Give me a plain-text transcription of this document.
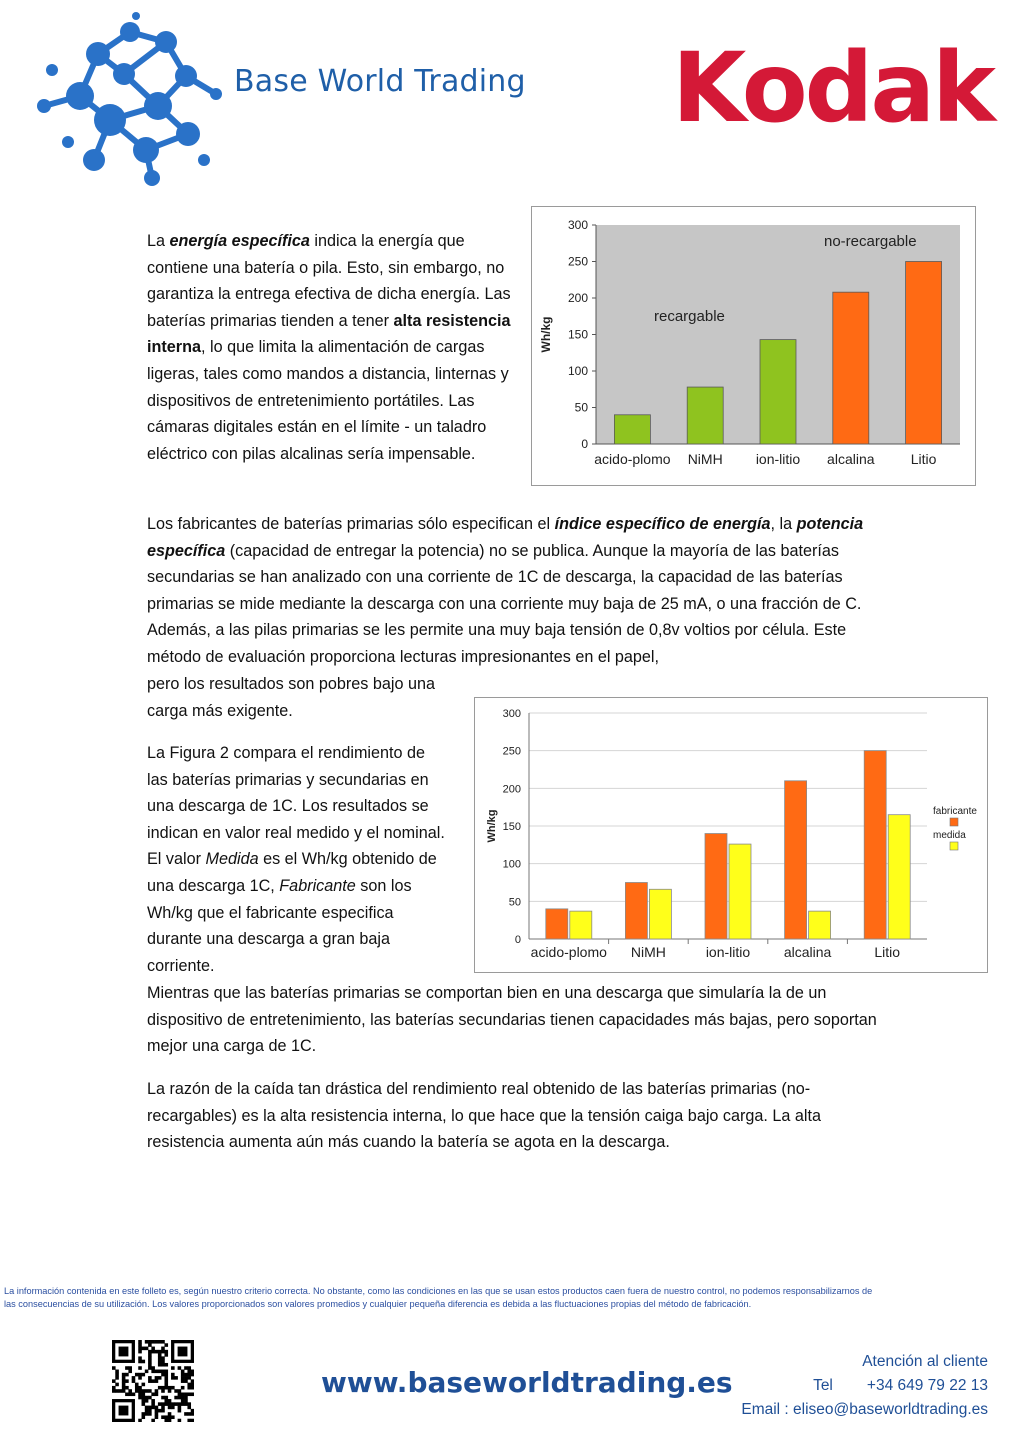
Base World Trading Kodak
La energía específica indica la energía que contiene una batería o pila. Esto, sin embargo, no garantiza la entrega efectiva de dicha energía. Las baterías primarias tienden a tener alta resistencia interna, lo que limita la alimentación de cargas ligeras, tales como mandos a distancia, linternas y dispositivos de entretenimiento portátiles. Las cámaras digitales están en el límite - un taladro eléctrico con pilas alcalinas sería impensable.
0
50
100
150
200
250
300
Wh/kg
acido-plomo NiMH ion-litio alcalina	Litio
recargable
no-recargable
Los fabricantes de baterías primarias sólo especifican el índice específico de energía, la potencia específica (capacidad de entregar la potencia) no se publica. Aunque la mayoría de las baterías secundarias se han analizado con una corriente de 1C de descarga, la capacidad de las baterías primarias se mide mediante la descarga con una corriente muy baja de 25 mA, o una fracción de C. Además, a las pilas primarias se les permite una muy baja tensión de 0,8v voltios por célula. Este método de evaluación proporciona lecturas impresionantes en el papel,
pero los resultados son pobres bajo una carga más exigente.
0
50
100
150
200
250
300
Wh/kg
acido-plomo NiMH	ion-litio alcalina	Litio
fabricante
medida
La Figura 2 compara el rendimiento de las baterías primarias y secundarias en una descarga de 1C. Los resultados se indican en valor real medido y el nominal. El valor Medida es el Wh/kg obtenido de una descarga 1C, Fabricante son los Wh/kg que el fabricante especifica durante una descarga a gran baja corriente.
Mientras que las baterías primarias se comportan bien en una descarga que simularía la de un dispositivo de entretenimiento, las baterías secundarias tienen capacidades más bajas, pero soportan mejor una carga de 1C.
La razón de la caída tan drástica del rendimiento real obtenido de las baterías primarias (no-recargables) es la alta resistencia interna, lo que hace que la tensión caiga bajo carga. La alta resistencia aumenta aún más cuando la batería se agota en la descarga.
La información contenida en este folleto es, según nuestro criterio correcta. No obstante, como las condiciones en las que se usan estos productos caen fuera de nuestro control, no podemos responsabilizarnos de
las consecuencias de su utilización. Los valores proporcionados son valores promedios y cualquier pequeña diferencia es debida a las fluctuaciones propias del método de fabricación.
www.baseworldtrading.es
Atención al cliente
Tel +34 649 79 22 13
Email : eliseo@baseworldtrading.es
